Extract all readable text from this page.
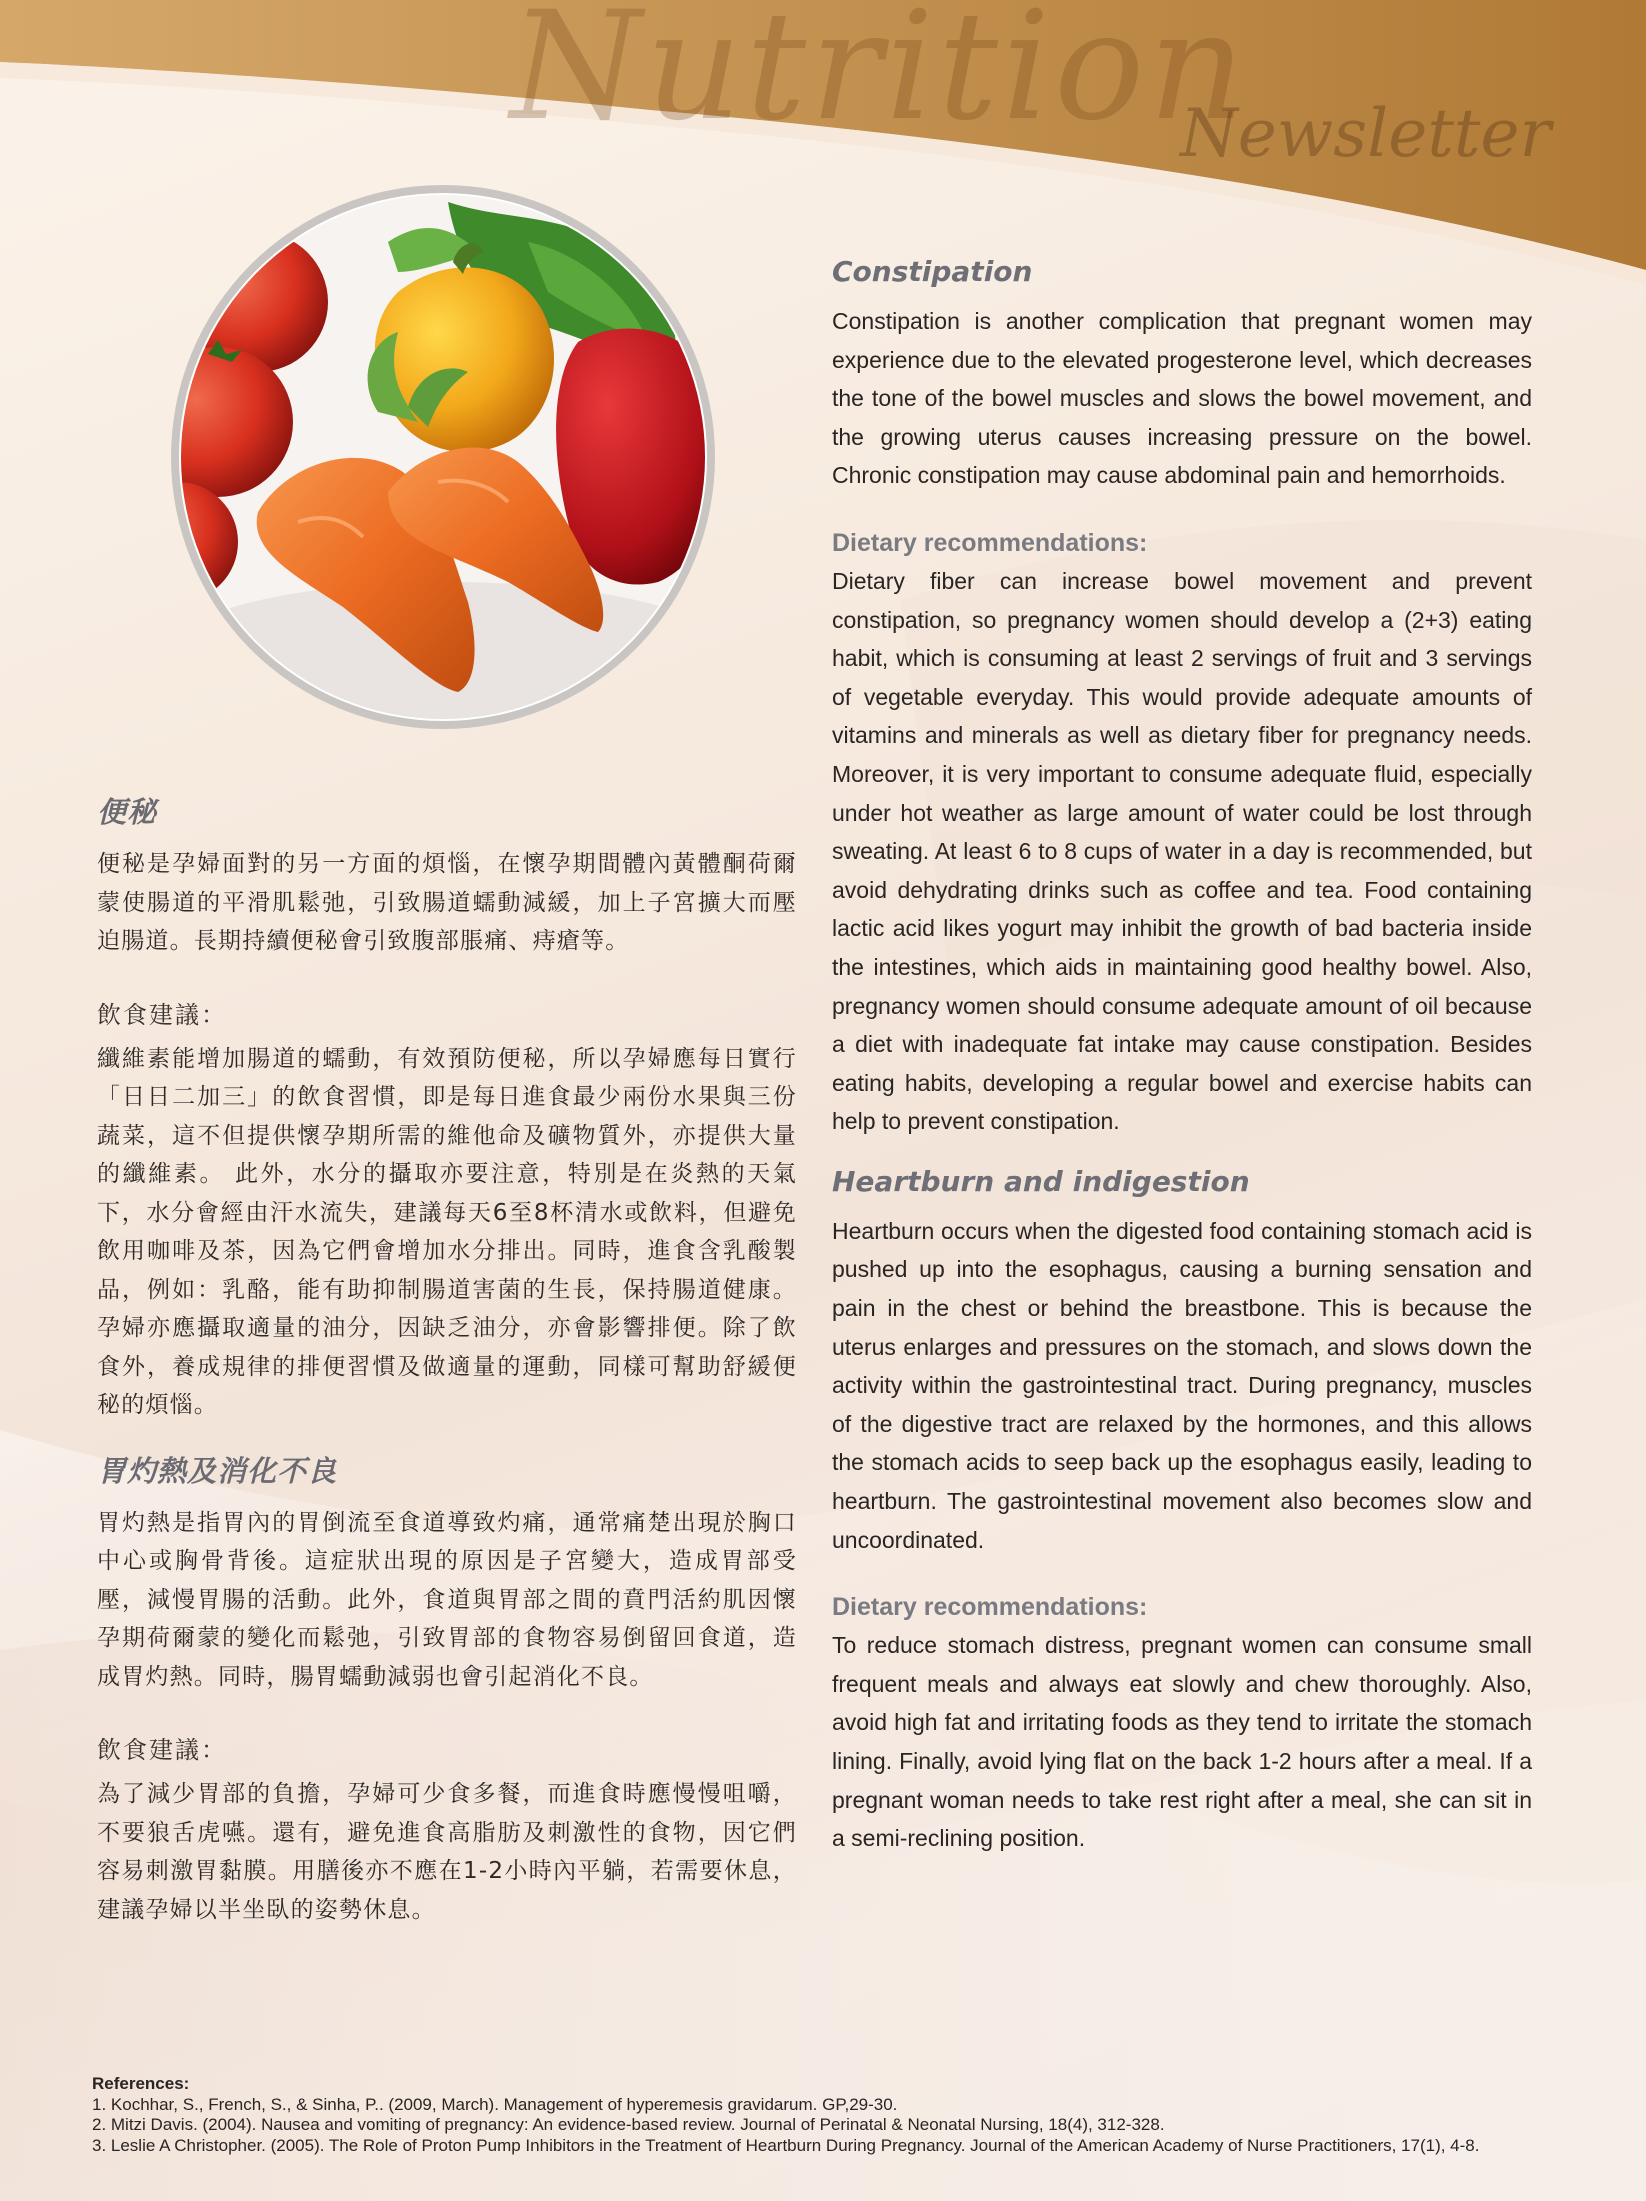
Nutrition
Newsletter
便秘

便秘是孕婦面對的另一方面的煩惱，在懷孕期間體內黃體酮荷爾蒙使腸道的平滑肌鬆弛，引致腸道蠕動減緩，加上子宮擴大而壓迫腸道。長期持續便秘會引致腹部脹痛、痔瘡等。

飲食建議：

纖維素能增加腸道的蠕動，有效預防便秘，所以孕婦應每日實行「日日二加三」的飲食習慣，即是每日進食最少兩份水果與三份蔬菜，這不但提供懷孕期所需的維他命及礦物質外，亦提供大量的纖維素。 此外，水分的攝取亦要注意，特別是在炎熱的天氣下，水分會經由汗水流失，建議每天6至8杯清水或飲料，但避免飲用咖啡及茶，因為它們會增加水分排出。同時，進食含乳酸製品，例如：乳酪，能有助抑制腸道害菌的生長，保持腸道健康。孕婦亦應攝取適量的油分，因缺乏油分，亦會影響排便。除了飲食外，養成規律的排便習慣及做適量的運動，同樣可幫助舒緩便秘的煩惱。

胃灼熱及消化不良

胃灼熱是指胃內的胃倒流至食道導致灼痛，通常痛楚出現於胸口中心或胸骨背後。這症狀出現的原因是子宮變大，造成胃部受壓，減慢胃腸的活動。此外，食道與胃部之間的賁門活約肌因懷孕期荷爾蒙的變化而鬆弛，引致胃部的食物容易倒留回食道，造成胃灼熱。同時，腸胃蠕動減弱也會引起消化不良。

飲食建議：

為了減少胃部的負擔，孕婦可少食多餐，而進食時應慢慢咀嚼，不要狼舌虎嚥。還有，避免進食高脂肪及刺激性的食物，因它們容易刺激胃黏膜。用膳後亦不應在1-2小時內平躺，若需要休息，建議孕婦以半坐臥的姿勢休息。

Constipation

Constipation is another complication that pregnant women may experience due to the elevated progesterone level, which decreases the tone of the bowel muscles and slows the bowel movement, and the growing uterus causes increasing pressure on the bowel. Chronic constipation may cause abdominal pain and hemorrhoids.

Dietary recommendations:

Dietary fiber can increase bowel movement and prevent constipation, so pregnancy women should develop a (2+3) eating habit, which is consuming at least 2 servings of fruit and 3 servings of vegetable everyday. This would provide adequate amounts of vitamins and minerals as well as dietary fiber for pregnancy needs. Moreover, it is very important to consume adequate fluid, especially under hot weather as large amount of water could be lost through sweating. At least 6 to 8 cups of water in a day is recommended, but avoid dehydrating drinks such as coffee and tea. Food containing lactic acid likes yogurt may inhibit the growth of bad bacteria inside the intestines, which aids in maintaining good healthy bowel. Also, pregnancy women should consume adequate amount of oil because a diet with inadequate fat intake may cause constipation. Besides eating habits, developing a regular bowel and exercise habits can help to prevent constipation.

Heartburn and indigestion

Heartburn occurs when the digested food containing stomach acid is pushed up into the esophagus, causing a burning sensation and pain in the chest or behind the breastbone. This is because the uterus enlarges and pressures on the stomach, and slows down the activity within the gastrointestinal tract. During pregnancy, muscles of the digestive tract are relaxed by the hormones, and this allows the stomach acids to seep back up the esophagus easily, leading to heartburn. The gastrointestinal movement also becomes slow and uncoordinated.

Dietary recommendations:

To reduce stomach distress, pregnant women can consume small frequent meals and always eat slowly and chew thoroughly. Also, avoid high fat and irritating foods as they tend to irritate the stomach lining. Finally, avoid lying flat on the back 1-2 hours after a meal. If a pregnant woman needs to take rest right after a meal, she can sit in a semi-reclining position.

References:

1. Kochhar, S., French, S., & Sinha, P.. (2009, March). Management of hyperemesis gravidarum. GP,29-30.

2. Mitzi Davis. (2004). Nausea and vomiting of pregnancy: An evidence-based review. Journal of Perinatal & Neonatal Nursing, 18(4), 312-328.

3. Leslie A Christopher. (2005). The Role of Proton Pump Inhibitors in the Treatment of Heartburn During Pregnancy. Journal of the American Academy of Nurse Practitioners, 17(1), 4-8.
